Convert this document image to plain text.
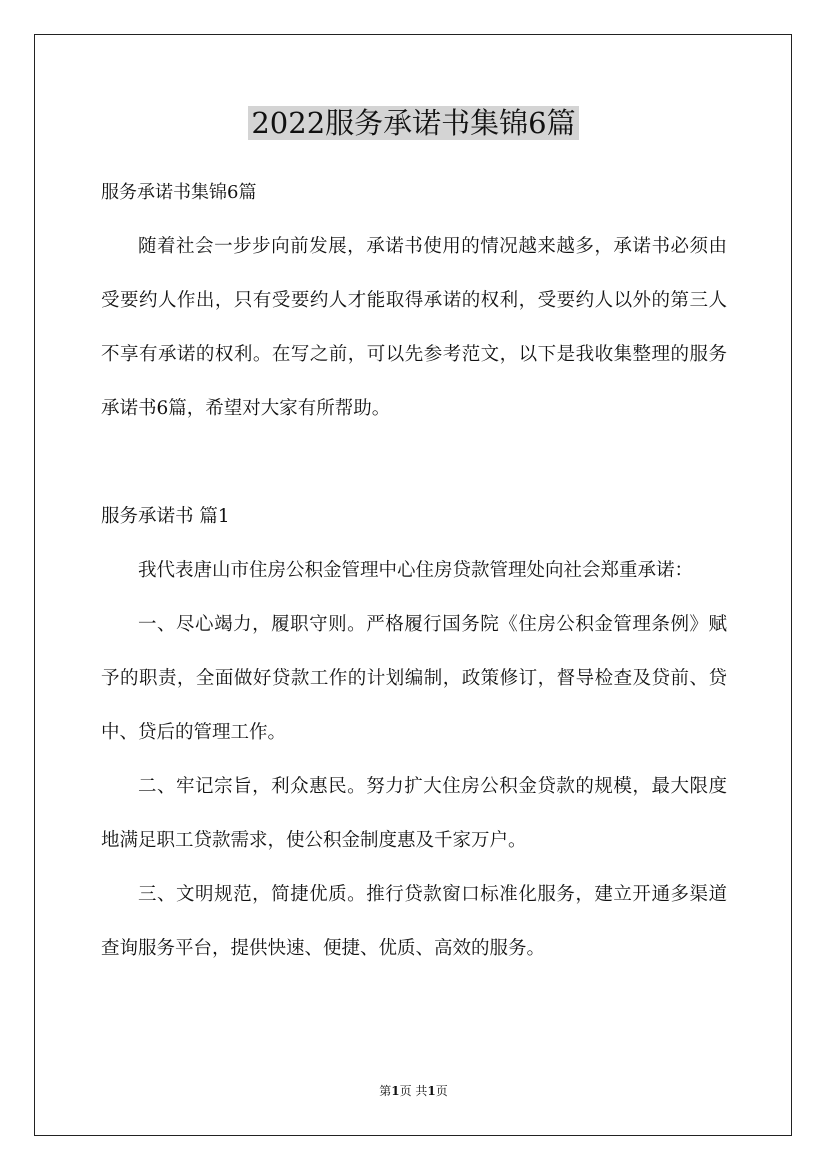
2022服务承诺书集锦6篇

服务承诺书集锦6篇

随着社会一步步向前发展，承诺书使用的情况越来越多，承诺书必须由受要约人作出，只有受要约人才能取得承诺的权利，受要约人以外的第三人不享有承诺的权利。在写之前，可以先参考范文，以下是我收集整理的服务承诺书6篇，希望对大家有所帮助。

服务承诺书 篇1

我代表唐山市住房公积金管理中心住房贷款管理处向社会郑重承诺：

一、尽心竭力，履职守则。严格履行国务院《住房公积金管理条例》赋予的职责，全面做好贷款工作的计划编制，政策修订，督导检查及贷前、贷中、贷后的管理工作。

二、牢记宗旨，利众惠民。努力扩大住房公积金贷款的规模，最大限度地满足职工贷款需求，使公积金制度惠及千家万户。

三、文明规范，简捷优质。推行贷款窗口标准化服务，建立开通多渠道查询服务平台，提供快速、便捷、优质、高效的服务。

第1页 共1页
